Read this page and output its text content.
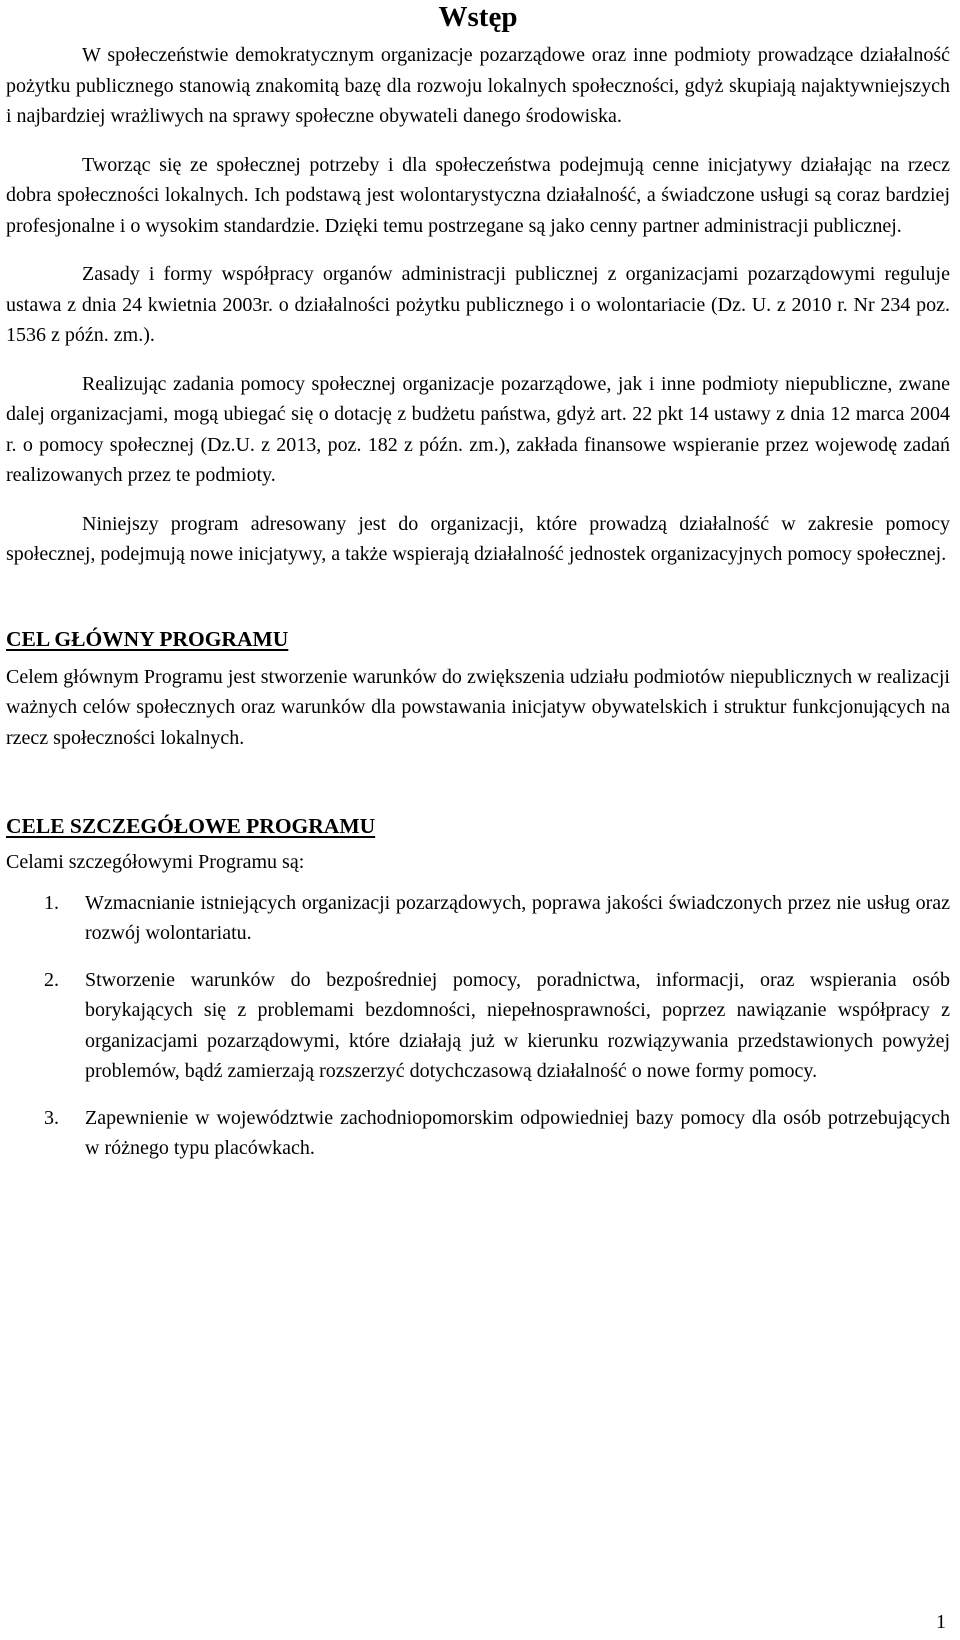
Wstęp

W społeczeństwie demokratycznym organizacje pozarządowe oraz inne podmioty prowadzące działalność pożytku publicznego stanowią znakomitą bazę dla rozwoju lokalnych społeczności, gdyż skupiają najaktywniejszych i najbardziej wrażliwych na sprawy społeczne obywateli danego środowiska.

Tworząc się ze społecznej potrzeby i dla społeczeństwa podejmują cenne inicjatywy działając na rzecz dobra społeczności lokalnych. Ich podstawą jest wolontarystyczna działalność, a świadczone usługi są coraz bardziej profesjonalne i o wysokim standardzie. Dzięki temu postrzegane są jako cenny partner administracji publicznej.

Zasady i formy współpracy organów administracji publicznej z organizacjami pozarządowymi reguluje ustawa z dnia 24 kwietnia 2003r. o działalności pożytku publicznego i o wolontariacie (Dz. U. z 2010 r. Nr 234 poz. 1536 z późn. zm.).

Realizując zadania pomocy społecznej organizacje pozarządowe, jak i inne podmioty niepubliczne, zwane dalej organizacjami, mogą ubiegać się o dotację z budżetu państwa, gdyż art. 22 pkt 14 ustawy z dnia 12 marca 2004 r. o pomocy społecznej (Dz.U. z 2013, poz. 182 z późn. zm.), zakłada finansowe wspieranie przez wojewodę zadań realizowanych przez te podmioty.

Niniejszy program adresowany jest do organizacji, które prowadzą działalność w zakresie pomocy społecznej, podejmują nowe inicjatywy, a także wspierają działalność jednostek organizacyjnych pomocy społecznej.

CEL GŁÓWNY PROGRAMU

Celem głównym Programu jest stworzenie warunków do zwiększenia udziału podmiotów niepublicznych w realizacji ważnych celów społecznych oraz warunków dla powstawania inicjatyw obywatelskich i struktur funkcjonujących na rzecz społeczności lokalnych.

CELE SZCZEGÓŁOWE PROGRAMU

Celami szczegółowymi Programu są:

1. Wzmacnianie istniejących organizacji pozarządowych, poprawa jakości świadczonych przez nie usług oraz rozwój wolontariatu.
2. Stworzenie warunków do bezpośredniej pomocy, poradnictwa, informacji, oraz wspierania osób borykających się z problemami bezdomności, niepełnosprawności, poprzez nawiązanie współpracy z organizacjami pozarządowymi, które działają już w kierunku rozwiązywania przedstawionych powyżej problemów, bądź zamierzają rozszerzyć dotychczasową działalność o nowe formy pomocy.
3. Zapewnienie w województwie zachodniopomorskim odpowiedniej bazy pomocy dla osób potrzebujących w różnego typu placówkach.
1
